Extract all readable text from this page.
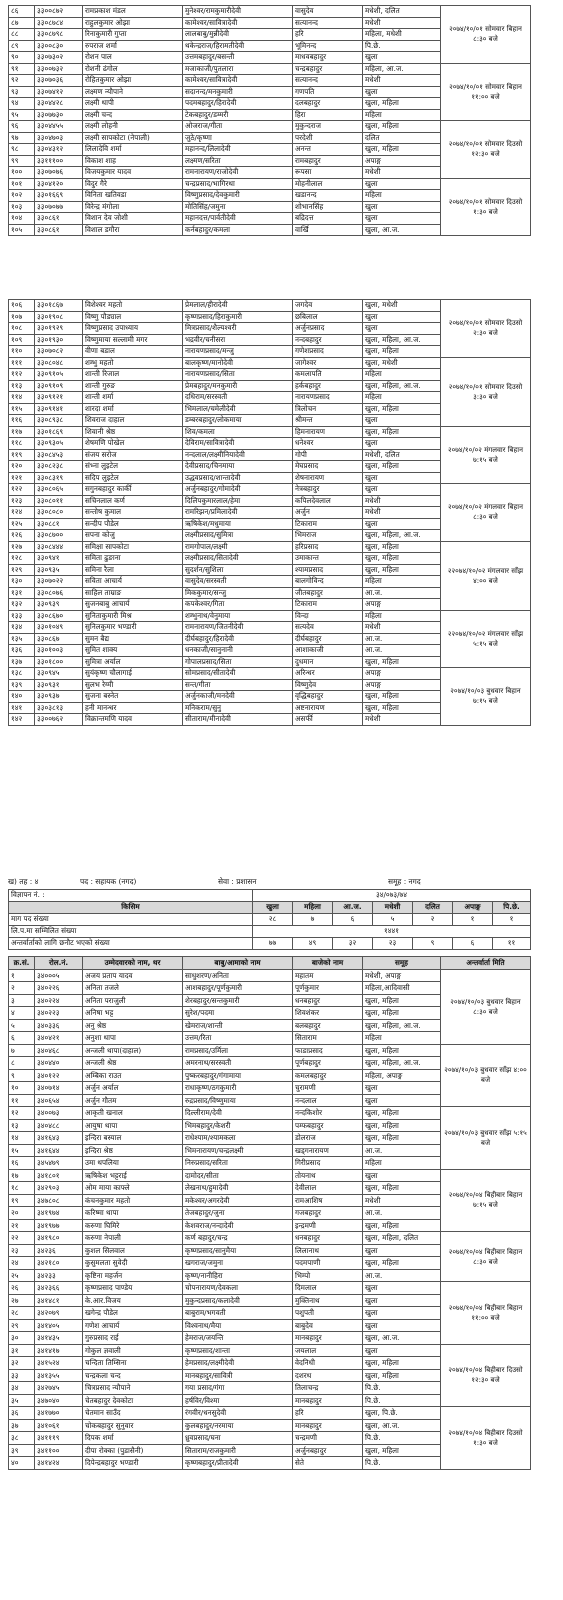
८६	३३००८७२	रामप्रकाश मंडल	मुनेश्वर/रामकुमारीदेवी	वासुदेव	मधेशी, दलित	२०७४/१०/०१ सोमवार बिहान ८:३० बजे
८७	३३०८७८४	राहुलकुमार ओझा	कामेश्वर/सावित्रादेवी	सत्यानन्द	मधेशी	
८८	३३०८७९८	रिनाकुमारी गुप्ता	लालबाबु/मुन्नीदेवी	हरि	महिला, मधेशी	
८९	३३००८३०	रुपराज शर्मा	थकेन्द्रराज/हिरामतीदेवी	भूमिनन्द	पि.छे.	
९०	३३०७३०२	रोशन पाल	उत्तमबहादुर/बसन्ती	माधवबहादुर	खुला	
९१	३३००७३२	रोशनी ढंगोल	मजाकाजी/पुतलारा	चन्द्रबहादुर	महिला, आ.ज.	२०७४/१०/०१ सोमवार बिहान ११:०० बजे
९२	३३०७०३६	रोहितकुमार ओझा	कामेश्वर/सावित्रादेवी	सत्यानन्द	मधेशी	
९३	३३०७४१२	लक्ष्मण न्यौपाने	सदानन्द/मनकुमारी	गणपति	खुला	
९४	३३०४४२८	लक्ष्मी थापी	पदमबहादुर/हिरादेवी	दलबहादुर	खुला, महिला	
९५	३३०७७३०	लक्ष्मी चन्द	टेकबहादुर/डम्मरी	हिरा	महिला	
९६	३३०४४५५	लक्ष्मी लोहनी	ओजराज/गीता	मुकुन्दराज	खुला, महिला	२०७४/१०/०१ सोमवार दिउसो १२:३० बजे
९७	३३०४७०३	लक्ष्मी सापकोटा (नेपाली)	जुठे/कृष्णा	परदेशी	दलित	
९८	३३०४३१२	लिलादेवि शर्मा	महानन्द/लिलादेवी	अनन्त	खुला, महिला	
९९	३३१११००	विकाश शाह	लक्ष्मण/सरिता	रामबहादुर	अपाङ्ग	
१००	३३०७०७६	विजयकुमार यादव	रामनारायण/राजोदेवी	रूपसा	मधेशी	
१०१	३३०४१२०	विदुर गैरे	चन्द्रप्रसाद/भागिरथा	मोहनीलाल	खुला	२०७४/१०/०१ सोमवार दिउसो १:३० बजे
१०२	३३०१६६९	विनिता खतिवडा	विष्णुप्रसाद/देवकुमारी	खडानन्द	महिला	
१०३	३३०७०७७	विरेन्द्र मंगोला	मोतिसिंह/जमुना	शोभानसिंह	खुला	
१०४	३३०८६१	विशान देव जोशी	महानदत्त/पार्वतीदेवी	बद्रिदत्त	खुला	
१०५	३३०८६१	विशाल डगौरा	कर्नबहादुर/कमला	वार्खि	खुला, आ.ज.	
१०६	३३०१८६७	विशेश्वर महतो	प्रेमलाल/हीरादेवी	जगदेव	खुला, मधेशी	२०७४/१०/०१ सोमवार दिउसो २:३० बजे
१०७	३३०१९०८	विष्णु पौड्याल	कृष्णप्रसाद/हिराकुमारी	छबिलाल	खुला	
१०८	३३०१९२९	विष्णुप्रसाद उपाध्याय	मित्रप्रसाद/शैल्यश्वरी	अर्जुनप्रसाद	खुला	
१०९	३३०१९३०	विष्णुमाया सल्लामी मगर	भद्रवीर/चनीसरा	नन्दबहादुर	खुला, महिला, आ.ज.	
११०	३३०७०८२	वीणा बडाल	नारायणप्रसाद/मन्जु	गणेशप्रसाद	खुला, महिला	
१११	३३०८०४८	शम्भु महतो	बालकृष्ण/मानोदेवी	जागेश्वर	खुला, मधेशी	२०७४/१०/०१ सोमवार दिउसो ३:३० बजे
११२	३३०९१०५	शान्ती रिजाल	नारायणप्रसाद/सिता	कमलापति	महिला	
११३	३३०९१०९	शान्ती गुरुङ	प्रेमबहादुर/मनकुमारी	हर्कबहादुर	खुला, महिला, आ.ज.	
११४	३३०९१२१	शान्ती शर्मा	दधिराम/सरस्वती	नारायणप्रसाद	महिला	
११५	३३०९१४१	शारदा शर्मा	भिमलाल/चमेलीदेवी	त्रिलोचन	खुला, महिला	
११६	३३०८९३८	शिवराज दाहाल	डम्बरबहादुर/लोकमाया	श्रीमन्त	खुला	
११७	३३०१८६९	शिवानी श्रेष्ठ	शिव/कमला	हिमनारायण	खुला, महिला	२०७४/१०/०२ मंगलवार बिहान ७:१५ बजे
११८	३३०९३०५	शेषमणि पोखेल	देविराम/सावित्रादेवी	धनेश्वर	खुला	
११९	३३०८४५३	संजय सरोज	नन्दलाल/लक्ष्मीनियादेवी	गोपी	मधेशी, दलित	
१२०	३३०८२३८	संभ्ना लुइटेल	देवीप्रसाद/चिनमाया	मेघप्रसाद	खुला, महिला	
१२१	३३०८३१९	सदिप लुइटेल	उद्धवप्रसाद/शान्तादेवी	शेषनारायण	खुला	
१२२	३३०८०६५	सगुनबहादुर कार्की	अर्जुनबहादुर/गोमादेवी	नेत्रबहादुर	खुला	२०७४/१०/०२ मंगलवार बिहान ८:३० बजे
१२३	३३०८०११	सचिनलाल कर्ण	दिलिपकुमारलाल/हेमा	कपिलदेवलाल	मधेशी	
१२४	३३०८०८०	सन्तोष कुमाल	रामरिझन/प्रमिलादेवी	अर्जुन	मधेशी	
१२५	३३०८८१	सन्दीप पौडेल	ऋषिकेश/मधुमाया	टिकाराम	खुला	
१२६	३३०८७००	सपना कोजु	लक्ष्मीप्रसाद/सुमित्रा	भिमराज	खुला, महिला, आ.ज.	
१२७	३३०८४४४	समिक्षा सापकोटा	रामगोपाल/लक्ष्मी	हरिप्रसाद	खुला, महिला	२२०७४/१०/०२ मंगलवार साँझ ४:०० बजे
१२८	३३०९४१	समिता ढुङाना	लक्ष्मीप्रसाद/सितादेवी	उमाकान्त	खुला, महिला	
१२९	३३०९३५	समिना रैला	सुदर्शन/सुशिला	श्यामप्रसाद	खुला, महिला	
१३०	३३०७०२२	सविता आचार्य	वासुदेव/सरस्वती	बालगोविन्द	महिला	
१३१	३३०८०७६	साहिल ताम्राङ	मिककुमार/सन्जु	जीतबहादुर	आ.ज.	
१३२	३३०९३९	सुजनबाबु आचार्य	कपकेश्वर/गिता	टिकाराम	अपाङ्ग	
१३३	३३०८६७०	सुनिताकुमारी मिश्र	शम्भुनाथ/वेनुमाया	विन्दा	महिला	२२०७४/१०/०२ मंगलवार साँझ ५:१५ बजे
१३४	३३०१०४९	सुनिलकुमार भण्डारी	रामनारायण/जितनीदेवी	सत्यदेव	मधेशी	
१३५	३३०८६७	सुमन बैद्य	दीर्घबहादुर/हिरादेवी	दीर्घबहादुर	आ.ज.	
१३६	३३०१००३	सुमित शाक्य	धनकाजी/सानुनानी	आशाकाजी	आ.ज.	
१३७	३३०१८००	सुमित्रा अर्याल	गोपालप्रसाद/सिता	दुधमान	खुला, महिला	
१३८	३३०९४५	सुयंकृष्ण चौलागाई	सोमप्रसाद/सीतादेवी	अरिन्धर	अपाङ्ग	२०७४/१०/०३ बुधवार बिहान ७:१५ बजे
१३९	३३०९३१	सुलभ रेग्मी	सन्त/गीता	विष्णुदेव	अपाङ्ग	
१४०	३३०९३७	सुजना बस्नेत	अर्जुनकाजी/मनदेवी	वृद्धिबहादुर	खुला, महिला	
१४१	३३०३८१३	हनी मानन्धर	मनिकराम/सुनु	अष्टनारायण	खुला, महिला	
१४२	३३००७६२	विक्रान्तमणि यादव	सीताराम/मीनादेवी	असर्फी	मधेशी	
ख) तह : ४	पद : सहायक (नगद)	सेवा : प्रशासन	समूह : नगद
विज्ञापन नं. :	३४/०७३/७४						
किसिम	खुला	महिला	आ.ज.	मधेशी	दलित	अपाङ्ग	पि.छे.
माग पद संख्या	२८	७	६	५	२	१	१
लि.प.मा सम्मिलित संख्या	१४४१						
अन्तर्वार्ताको लागि छनौट भएको संख्या	७७	४९	३२	२३	९	६	११
क्र.सं.	रोल.नं.	उम्मेदवारको नाम, थर	बाबु/आमाको नाम	बाजेको नाम	समूह	अन्तर्वार्ता मिति
१	३४०००५	अजय प्रताप यादव	साधुशरण/अनिता	महातम	मधेशी, अपाङ्ग	२०७४/१०/०३ बुधवार बिहान ८:३० बजे
२	३४०२२६	अनिता तजले	आशबहादुर/पूर्णकुमारी	पूर्णकुमार	महिला,आदिवासी	
३	३४०२२४	अनिता पराजुली	शेरबहादुर/सन्तकुमारी	धनबहादुर	खुला, महिला	
४	३४०२२३	अनिषा भट्ट	सुरेश/पदमा	शिवशंकर	खुला, महिला	
५	३४०३३६	अनु श्रेष्ठ	खेमराज/शान्ती	बलबहादुर	खुला, महिला, आ.ज.	
६	३४०४२१	अनुशा थापा	उत्तम/रिता	सिताराम	महिला	
७	३४०४६८	अन्जली थापा(दाहाल)	रामप्रसाद/उर्मिला	फाडाप्रसाद	खुला, महिला	२०७४/१०/०३ बुधवार साँझ ४:०० बजे
८	३४०४४०	अन्जली श्रेष्ठ	अमरनाथ/सरस्वती	पूर्णबहादुर	खुला, महिला, आ.ज.	
९	३४०१२२	अम्बिका राउत	पुष्करबहादुर/गंगामाया	कमलबहादुर	महिला, अपाङ्ग	
१०	३४०७१४	अर्जुन अर्याल	राधाकृष्ण/ठगकुमारी	चुरामणी	खुला	
११	३४०६५४	अर्जुन गौतम	रुद्रप्रसाद/विष्णुमाया	नन्दलाल	खुला	
१२	३४००७३	आकृती खनाल	दिल्लीराम/देवी	नन्दकिशोर	खुला, महिला	२०७४/१०/०३ बुधवार साँझ ५:१५ बजे
१३	३४०४८८	आयुषा थापा	भिमबहादुर/केशरी	पम्फबहादुर	खुला, महिला	
१४	३४१६४३	इन्दिरा बस्याल	राधेश्याम/श्यामकला	डोलराज	खुला, महिला	
१५	३४१६४४	इन्दिरा श्रेष्ठ	भिमनारायण/चन्द्रलक्ष्मी	खड्गनारायण	आ.ज.	
१६	३४५४७९	उमा थपलिया	निरुप्रसाद/सरिता	गिरीप्रसाद	महिला	
१७	३४१८०१	ऋषिकेश भट्टराई	दामोदर/सीता	तोयनाथ	खुला	२०७४/१०/०४ बिहीबार बिहान ७:१५ बजे
१८	३४२९०३	ओम माया काफ्ले	लेखनाथ/हुमादेवी	देवीलाल	खुला, महिला	
१९	३४७८०८	कंचनकुमार महतो	मकेश्वर/अगरदेवी	रामआशिष	मधेशी	
२०	३४१९७४	करिष्मा थापा	तेजबहादुर/जुना	गजबहादुर	आ.ज.	
२१	३४१९७७	करुणा घिमिरे	केशवराज/नन्दादेवी	इन्द्रमणी	खुला, महिला	
२२	३४१९८०	करुणा नेपाली	कर्ण बहादुर/चन्द्र	धनबहादुर	खुला, महिला, दलित	२०७४/१०/०४ बिहीबार बिहान ८:३० बजे
२३	३४२३६	कुशल सिलवाल	कृष्णप्रसाद/सानुमैया	लिलानाथ	खुला	
२४	३४२१८०	कुसुमलता सुवेदी	खगराज/जमुना	पदमपाणी	खुला, महिला	
२५	३४२३३	कृष्टिना महर्जन	कृष्ण/नानीहिरा	भिम्पो	आ.ज.	
२६	३४२३६६	कृष्णप्रसाद पाण्डेय	चोपनारायण/देवकला	दिमलाल	खुला	२०७४/१०/०४ बिहीबार बिहान ११:०० बजे
२७	३४१४८१	के.आर.विजय	मुकुन्दप्रसाद/कलादेवी	मुक्तिनाथ	खुला	
२८	३४२०७९	खगेन्द्र पौडेल	बाबुराम/भगवती	पशुपती	खुला	
२९	३४१४०५	गणेश आचार्य	विश्वनाथ/मैया	बाबुदेव	खुला	
३०	३४१४३५	गुरुप्रसाद राई	हेमराज/जयन्ति	मानबहादुर	खुला, आ.ज.	
३१	३४१४१७	गोकुल ज्ञवाली	कृष्णप्रसाद/शान्ता	जयलाल	खुला	२०७४/१०/०४ बिहीबार दिउसो १२:३० बजे
३२	३४१५२४	चन्दिता तिम्सिना	हेमप्रसाद/लक्ष्मीदेवी	वेदनिधी	खुला, महिला	
३३	३४१३५५	चन्द्रकला चन्द	मानबहादुर/सावित्री	दशरथ	खुला, महिला	
३४	३४२७४५	चित्रप्रसाद न्यौपाने	गया प्रसाद/गंगा	तिलाचन्द्र	पि.छे.	
३५	३४७०४०	चेतबहादुर देवकोटा	हर्षविर/विश्मा	मानबहादुर	पि.छे.	
३६	३४१७७०	चेतमान साउँद	रंगवीर/धनसुदेवी	हरि	खुला, पि.छे.	२०७४/१०/०४ बिहीबार दिउसो १:३० बजे
३७	३४१०६१	चोकबहादुर सुनुवार	कुलबहादुर/नरमाया	मानबहादुर	खुला, आ.ज.	
३८	३४१११९	दिपक शर्मा	ध्रुवप्रसाद/घना	चन्द्रमणी	पि.छे.	
३९	३४११००	दीपा रोक्का (पुडासैनी)	सिताराम/राजकुमारी	अर्जुनबहादुर	खुला, महिला	
४०	३४१४२४	दिपेन्द्रबहादुर भण्डारी	कृष्णबहादुर/प्रीतादेवी	सेते	पि.छे.	
